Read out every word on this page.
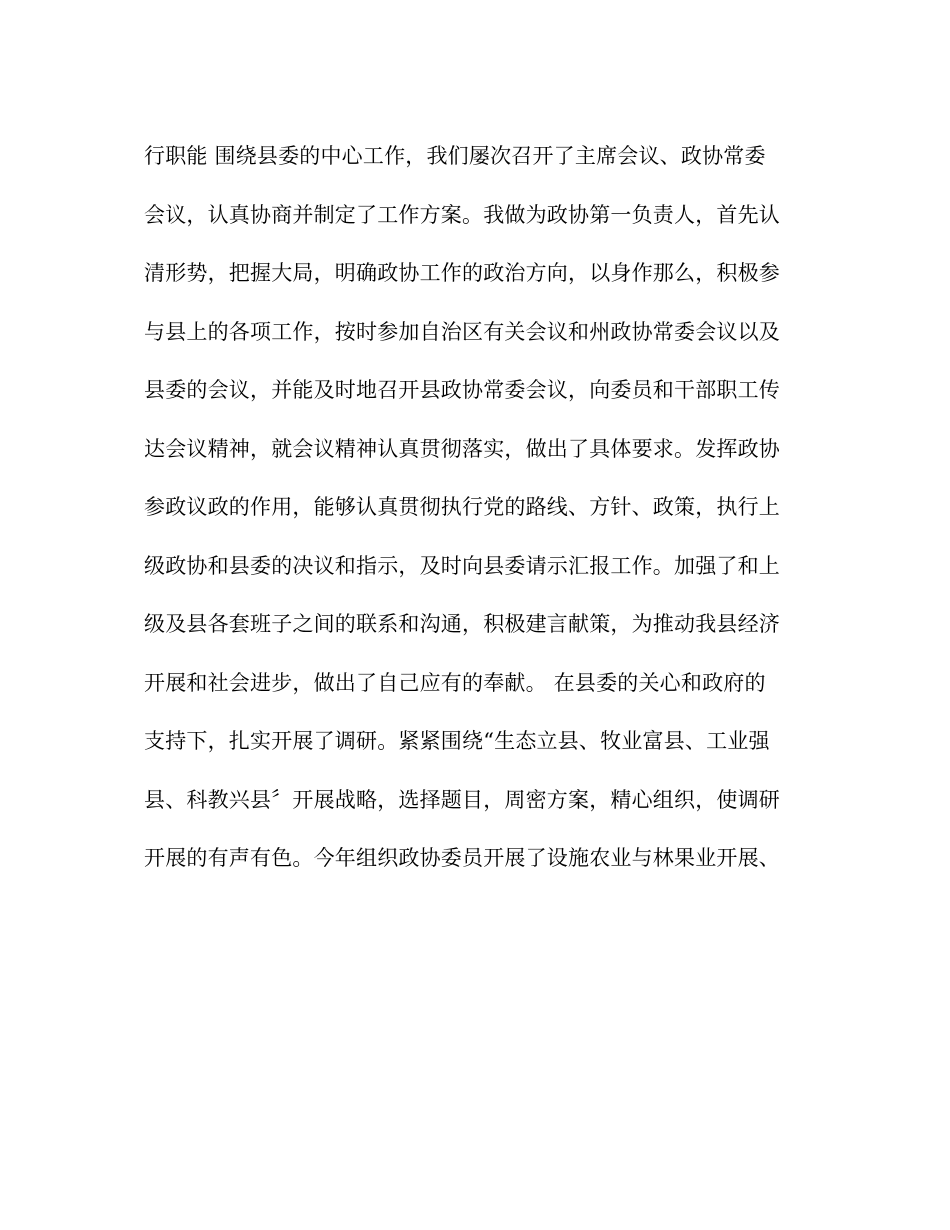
行职能 围绕县委的中心工作，我们屡次召开了主席会议、政协常委
会议，认真协商并制定了工作方案。我做为政协第一负责人，首先认
清形势，把握大局，明确政协工作的政治方向，以身作那么，积极参
与县上的各项工作，按时参加自治区有关会议和州政协常委会议以及
县委的会议，并能及时地召开县政协常委会议，向委员和干部职工传
达会议精神，就会议精神认真贯彻落实，做出了具体要求。发挥政协
参政议政的作用，能够认真贯彻执行党的路线、方针、政策，执行上
级政协和县委的决议和指示，及时向县委请示汇报工作。加强了和上
级及县各套班子之间的联系和沟通，积极建言献策，为推动我县经济
开展和社会进步，做出了自己应有的奉献。 在县委的关心和政府的
支持下，扎实开展了调研。紧紧围绕“生态立县、牧业富县、工业强
县、科教兴县〞开展战略，选择题目，周密方案，精心组织，使调研
开展的有声有色。今年组织政协委员开展了设施农业与林果业开展、
